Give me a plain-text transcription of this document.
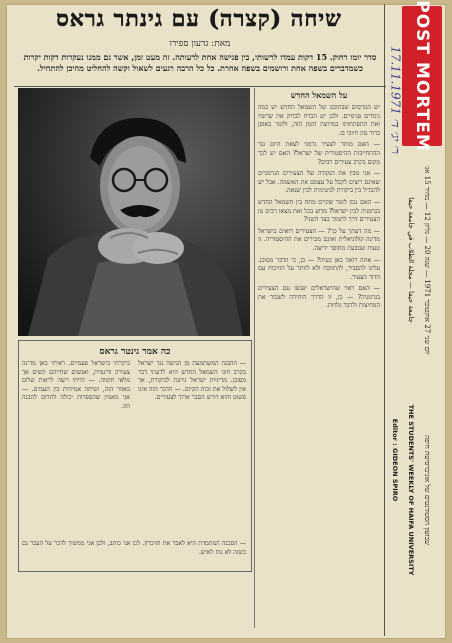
שיחה (קצרה) עם גינתר גראס
מאת: גדעון ספירו
סדר יומו רחוק. 15 דקות עמדו לרשותי, בין פגישה אחת לרעותה. זה מעט זמן, אשר גם ממנו נעקרות דקות יקרות כשמדברים בשפה אחת ורושמים בשפה אחרת. כל כל הרבה רגעים לשאול וקשה להחליט מהיכן להתחיל.
על השמאל החדש

יש הגורסים שבתוכנו של השמאל החדש יש כמה ניגודים פנימיים. ולכן יש הכרח לבדוק את שרשיו ואת התפתחותו במרוצת הזמן הזה, ולומר באופן ברור מה חיובי בו.

— האם מותר לצעיר גרמני לצאת היום נגד ההתחייבות ההיסטורית של ישראל? האם יש לכך מקום בקרב צעירים רבים?

— אני מבין את הנקודה של הצעירים הגרמניים שאינם רוצים לקבל על עצמם את האשמה. אבל יש להבדיל בין ביקורת לגיטימית לבין שנאה.

— האם נכון לומר שקיים מתח בין השמאל החדש בגרמניה לבין ישראל? מדוע בכל זאת מצאו רבים מן הצעירים דרך לתמוך בצד השני?

— מה דעתך על כך? — הצעירים רואים בישראל מדינה קולוניאלית ואינם מכירים את ההיסטוריה. זו טעות שנובעת מחוסר ידיעה.

— אתה רואה כאן בעיה? — כן, כי הדבר מסוכן. עלינו להסביר, להתווכח ולא לוותר על הוויכוח עם הדור הצעיר.

— האם ראוי שהישראלים יפגשו עם הצעירים בגרמניה? — כן, זו הדרך היחידה לשבור את המחיצות ולדבר גלויות.

כה אמר גינטר גראס

— ההבנה המשתמעת מן הגישה נגד ישראל בקרב חוגי השמאל החדש היא לדעתי דבר מסוכן. מדיניות ישראל ניתנת לביקורת, אך אין לשלול את זכות הקיום. — הדבר הזה אינו פשוט והוא דורש הסבר ארוך לצעירים.

ביקרתי בישראל פעמיים. ראיתי כאן מדינה צעירה ודינמית, ואנשים שחייהם קשים אך מלאי תקווה. — הייתי רוצה לראות שלום באזור הזה, ושיחה אמיתית בין העמים. — אני מאמין שהספרות יכולה לתרום להבנה הזו.

— הסכנה המתמדת היא לאבד את הזיכרון. לכן אני כותב, ולכן אני ממשיך לדבר על העבר גם כשזה לא נוח לאיש.

POST MORTEM
17.11.1971 ר׳ יג׳ ד׳
יום שני 27 אוקטובר 1971 — שנה 20 — גליון 12 — מחיר 15 אג׳
جامعة حيفا — مجلة الطلاب في جامعة حيفا
Editor : GIDEON SPIRO THE STUDENTS' WEEKLY OF HAIFA UNIVERSITY שבועון הסטודנטים של אוניברסיטת חיפה
